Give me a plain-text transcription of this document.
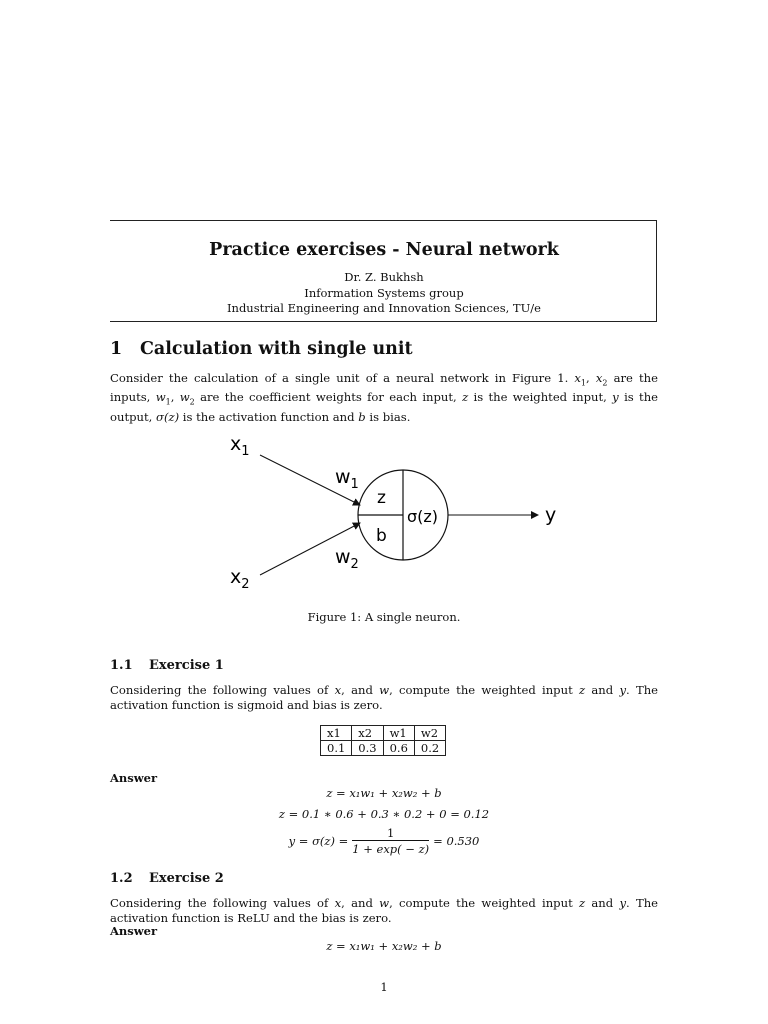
Practice exercises - Neural network
Dr. Z. Bukhsh
Information Systems group
Industrial Engineering and Innovation Sciences, TU/e
1 Calculation with single unit
Consider the calculation of a single unit of a neural network in Figure 1. $x_1$, $x_2$ are the inputs, $w_1$, $w_2$ are the coefficient weights for each input, z is the weighted input, y is the output, σ(z) is the activation function and b is bias.
$x_1$
$x_2$
$w_1$
$w_2$
z
b
σ(z)	y
Figure 1: A single neuron.
1.1 Exercise 1
Considering the following values of x, and w, compute the weighted input z and y. The activation function is sigmoid and bias is zero.
x1	x2	w1	w2
0.1	0.3	0.6	0.2
Answer
z = x₁w₁ + x₂w₂ + b
z = 0.1 ∗ 0.6 + 0.3 ∗ 0.2 + 0 = 0.12
$y = \sigma(z) = \frac{1}{1 + \exp( - z)} = 0.530$
1.2 Exercise 2
Considering the following values of x, and w, compute the weighted input z and y. The activation function is ReLU and the bias is zero.
Answer
z = x₁w₁ + x₂w₂ + b
1
